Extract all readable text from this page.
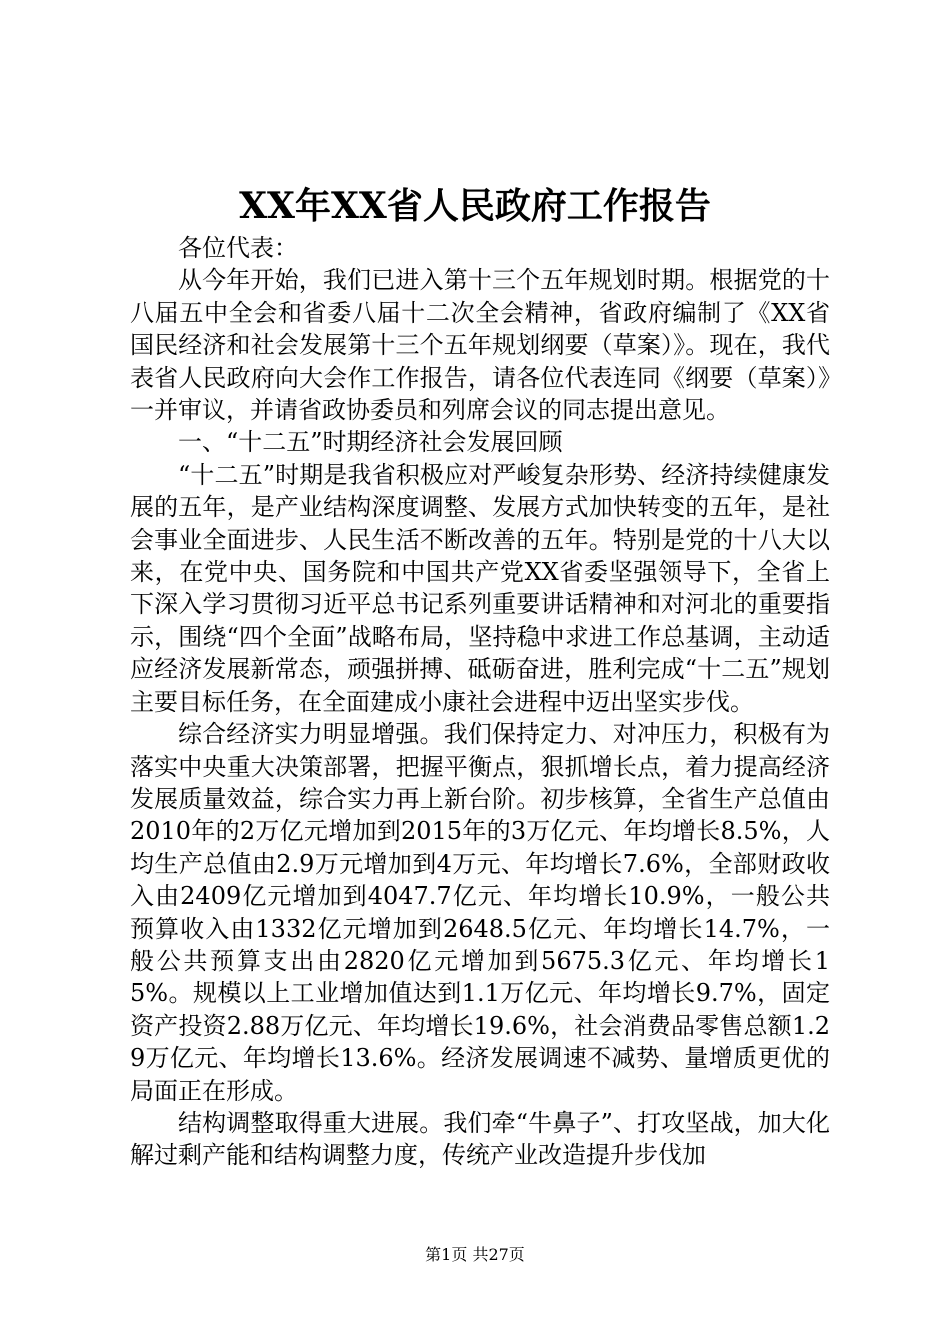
XX年XX省人民政府工作报告

各位代表：

从今年开始，我们已进入第十三个五年规划时期。根据党的十八届五中全会和省委八届十二次全会精神，省政府编制了《XX省国民经济和社会发展第十三个五年规划纲要（草案）》。现在，我代表省人民政府向大会作工作报告，请各位代表连同《纲要（草案）》一并审议，并请省政协委员和列席会议的同志提出意见。

一、“十二五”时期经济社会发展回顾

“十二五”时期是我省积极应对严峻复杂形势、经济持续健康发展的五年，是产业结构深度调整、发展方式加快转变的五年，是社会事业全面进步、人民生活不断改善的五年。特别是党的十八大以来，在党中央、国务院和中国共产党XX省委坚强领导下，全省上下深入学习贯彻习近平总书记系列重要讲话精神和对河北的重要指示，围绕“四个全面”战略布局，坚持稳中求进工作总基调，主动适应经济发展新常态，顽强拼搏、砥砺奋进，胜利完成“十二五”规划主要目标任务，在全面建成小康社会进程中迈出坚实步伐。

综合经济实力明显增强。我们保持定力、对冲压力，积极有为落实中央重大决策部署，把握平衡点，狠抓增长点，着力提高经济发展质量效益，综合实力再上新台阶。初步核算，全省生产总值由2010年的2万亿元增加到2015年的3万亿元、年均增长8.5%，人均生产总值由2.9万元增加到4万元、年均增长7.6%，全部财政收入由2409亿元增加到4047.7亿元、年均增长10.9%，一般公共预算收入由1332亿元增加到2648.5亿元、年均增长14.7%，一般公共预算支出由2820亿元增加到5675.3亿元、年均增长15%。规模以上工业增加值达到1.1万亿元、年均增长9.7%，固定资产投资2.88万亿元、年均增长19.6%，社会消费品零售总额1.29万亿元、年均增长13.6%。经济发展调速不减势、量增质更优的局面正在形成。

结构调整取得重大进展。我们牵“牛鼻子”、打攻坚战，加大化解过剩产能和结构调整力度，传统产业改造提升步伐加

第1页 共27页
